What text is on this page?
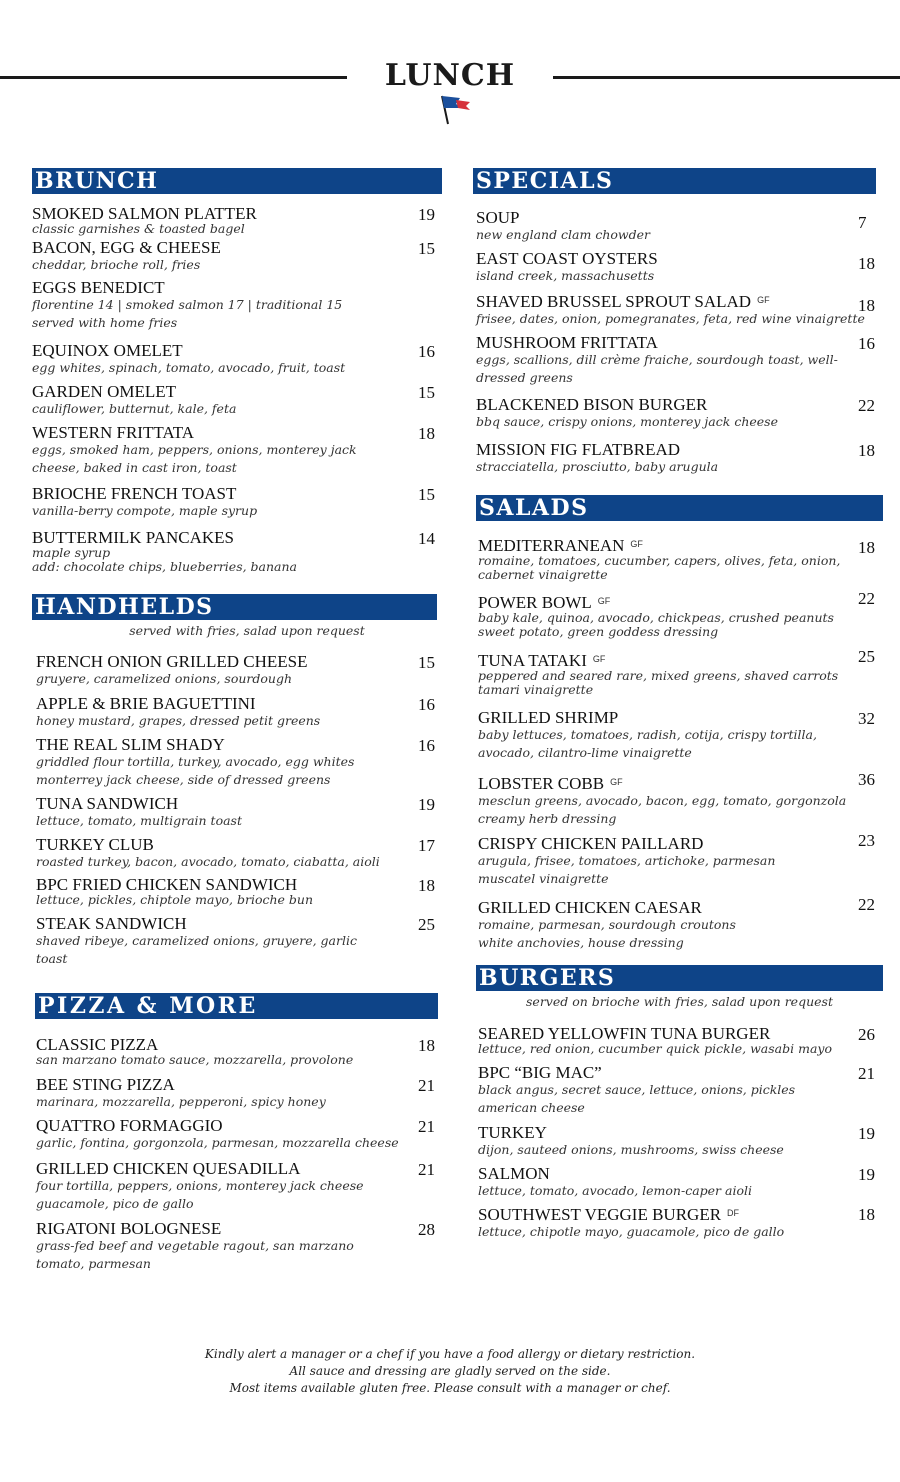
LUNCH
BRUNCH
HANDHELDS
served with fries, salad upon request
PIZZA & MORE
SPECIALS
SALADS
BURGERS
served on brioche with fries, salad upon request
SMOKED SALMON PLATTER
classic garnishes & toasted bagel
19
BACON, EGG & CHEESE
cheddar, brioche roll, fries
15
EGGS BENEDICT
florentine 14 | smoked salmon 17 | traditional 15
served with home fries
EQUINOX OMELET
egg whites, spinach, tomato, avocado, fruit, toast
16
GARDEN OMELET
cauliflower, butternut, kale, feta
15
WESTERN FRITTATA
eggs, smoked ham, peppers, onions, monterey jack
cheese, baked in cast iron, toast
18
BRIOCHE FRENCH TOAST
vanilla-berry compote, maple syrup
15
BUTTERMILK PANCAKES
maple syrup
add: chocolate chips, blueberries, banana
14
FRENCH ONION GRILLED CHEESE
gruyere, caramelized onions, sourdough
15
APPLE & BRIE BAGUETTINI
honey mustard, grapes, dressed petit greens
16
THE REAL SLIM SHADY
griddled flour tortilla, turkey, avocado, egg whites
monterrey jack cheese, side of dressed greens
16
TUNA SANDWICH
lettuce, tomato, multigrain toast
19
TURKEY CLUB
roasted turkey, bacon, avocado, tomato, ciabatta, aioli
17
BPC FRIED CHICKEN SANDWICH
lettuce, pickles, chiptole mayo, brioche bun
18
STEAK SANDWICH
shaved ribeye, caramelized onions, gruyere, garlic
toast
25
CLASSIC PIZZA
san marzano tomato sauce, mozzarella, provolone
18
BEE STING PIZZA
marinara, mozzarella, pepperoni, spicy honey
21
QUATTRO FORMAGGIO
garlic, fontina, gorgonzola, parmesan, mozzarella cheese
21
GRILLED CHICKEN QUESADILLA
four tortilla, peppers, onions, monterey jack cheese
guacamole, pico de gallo
21
RIGATONI BOLOGNESE
grass-fed beef and vegetable ragout, san marzano
tomato, parmesan
28
SOUP
new england clam chowder
7
EAST COAST OYSTERS
island creek, massachusetts
18
SHAVED BRUSSEL SPROUT SALAD $^{GF}$
frisee, dates, onion, pomegranates, feta, red wine vinaigrette
18
MUSHROOM FRITTATA
eggs, scallions, dill crème fraiche, sourdough toast, well-
dressed greens
16
BLACKENED BISON BURGER
bbq sauce, crispy onions, monterey jack cheese
22
MISSION FIG FLATBREAD
stracciatella, prosciutto, baby arugula
18
MEDITERRANEAN $^{GF}$
romaine, tomatoes, cucumber, capers, olives, feta, onion,
cabernet vinaigrette
18
POWER BOWL $^{GF}$
baby kale, quinoa, avocado, chickpeas, crushed peanuts
sweet potato, green goddess dressing
22
TUNA TATAKI $^{GF}$
peppered and seared rare, mixed greens, shaved carrots
tamari vinaigrette
25
GRILLED SHRIMP
baby lettuces, tomatoes, radish, cotija, crispy tortilla,
avocado, cilantro-lime vinaigrette
32
LOBSTER COBB $^{GF}$
mesclun greens, avocado, bacon, egg, tomato, gorgonzola
creamy herb dressing
36
CRISPY CHICKEN PAILLARD
arugula, frisee, tomatoes, artichoke, parmesan
muscatel vinaigrette
23
GRILLED CHICKEN CAESAR
romaine, parmesan, sourdough croutons
white anchovies, house dressing
22
SEARED YELLOWFIN TUNA BURGER
lettuce, red onion, cucumber quick pickle, wasabi mayo
26
BPC “BIG MAC”
black angus, secret sauce, lettuce, onions, pickles
american cheese
21
TURKEY
dijon, sauteed onions, mushrooms, swiss cheese
19
SALMON
lettuce, tomato, avocado, lemon-caper aioli
19
SOUTHWEST VEGGIE BURGER $^{DF}$
lettuce, chipotle mayo, guacamole, pico de gallo
18
Kindly alert a manager or a chef if you have a food allergy or dietary restriction.
All sauce and dressing are gladly served on the side.
Most items available gluten free. Please consult with a manager or chef.
